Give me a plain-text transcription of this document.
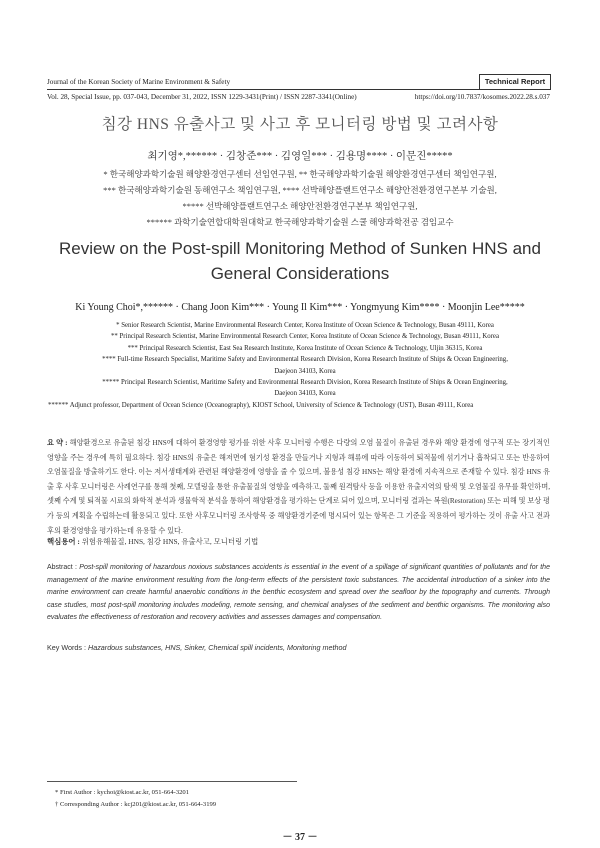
Journal of the Korean Society of Marine Environment & Safety	Technical Report
Vol. 28, Special Issue, pp. 037-043, December 31, 2022, ISSN 1229-3431(Print) / ISSN 2287-3341(Online)	https://doi.org/10.7837/kosomes.2022.28.s.037
침강 HNS 유출사고 및 사고 후 모니터링 방법 및 고려사항
최기영*,****** · 김창준*** · 김영일*** · 김용명**** · 이문진*****
* 한국해양과학기술원 해양환경연구센터 선임연구원, ** 한국해양과학기술원 해양환경연구센터 책임연구원,
*** 한국해양과학기술원 동해연구소 책임연구원, **** 선박해양플랜트연구소 해양안전환경연구본부 기술원,
***** 선박해양플랜트연구소 해양안전환경연구본부 책임연구원,
****** 과학기술연합대학원대학교 한국해양과학기술원 스쿨 해양과학전공 겸임교수
Review on the Post-spill Monitoring Method of Sunken HNS and General Considerations
Ki Young Choi*,****** · Chang Joon Kim*** · Young Il Kim*** · Yongmyung Kim**** · Moonjin Lee*****
* Senior Research Scientist, Marine Environmental Research Center, Korea Institute of Ocean Science & Technology, Busan 49111, Korea
** Principal Research Scientist, Marine Environmental Research Center, Korea Institute of Ocean Science & Technology, Busan 49111, Korea
*** Principal Research Scientist, East Sea Research Institute, Korea Institute of Ocean Science & Technology, Uljin 36315, Korea
**** Full-time Research Specialist, Maritime Safety and Environmental Research Division, Korea Research Institute of Ships & Ocean Engineering,
Daejeon 34103, Korea
***** Principal Research Scientist, Maritime Safety and Environmental Research Division, Korea Research Institute of Ships & Ocean Engineering,
Daejeon 34103, Korea
****** Adjunct professor, Department of Ocean Science (Oceanography), KIOST School, University of Science & Technology (UST), Busan 49111, Korea
요 약 : 해양환경으로 유출된 침강 HNS에 대하여 환경영향 평가를 위한 사후 모니터링 수행은 다량의 오염 물질이 유출된 경우와 해양 환경에 영구적 또는 장기적인 영향을 주는 경우에 특히 필요하다. 침강 HNS의 유출은 해저면에 혐기성 환경을 만들거나 지형과 해류에 따라 이동하여 퇴적물에 섞기거나 흡착되고 또는 반응하여 오염물질을 방출하기도 한다. 이는 저서생태계와 관련된 해양환경에 영향을 줄 수 있으며, 불용성 침강 HNS는 해양 환경에 지속적으로 존재할 수 있다. 침강 HNS 유출 후 사후 모니터링은 사례연구를 통해 첫째, 모델링을 통한 유출물질의 영향을 예측하고, 둘째 원격탐사 등을 이용한 유출지역의 탐색 및 오염물질 유무를 확인하며, 셋째 수계 및 퇴적물 시료의 화학적 분석과 생물학적 분석을 통하여 해양환경을 평가하는 단계로 되어 있으며, 모니터링 결과는 복원(Restoration) 또는 피해 및 보상 평가 등의 계획을 수립하는데 활용되고 있다. 또한 사후모니터링 조사항목 중 해양환경기준에 명시되어 있는 항목은 그 기준을 적용하여 평가하는 것이 유출 사고 전과 후의 환경영향을 평가하는데 유용할 수 있다.
핵심용어 : 위험유해물질, HNS, 침강 HNS, 유출사고, 모니터링 기법
Abstract : Post-spill monitoring of hazardous noxious substances accidents is essential in the event of a spillage of significant quantities of pollutants and for the management of the marine environment resulting from the long-term effects of the persistent toxic substances. The accidental introduction of a sinker into the marine environment can create harmful anaerobic conditions in the benthic ecosystem and spread over the seafloor by the topography and currents. Through case studies, most post-spill monitoring includes modeling, remote sensing, and chemical analyses of the sediment and benthic organisms. The monitoring also evaluates the effectiveness of restoration and recovery activities and assesses damages and compensation.
Key Words : Hazardous substances, HNS, Sinker, Chemical spill incidents, Monitoring method
* First Author : kychoi@kiost.ac.kr, 051-664-3201
† Corresponding Author : kcj201@kiost.ac.kr, 051-664-3199
－ 37 －
